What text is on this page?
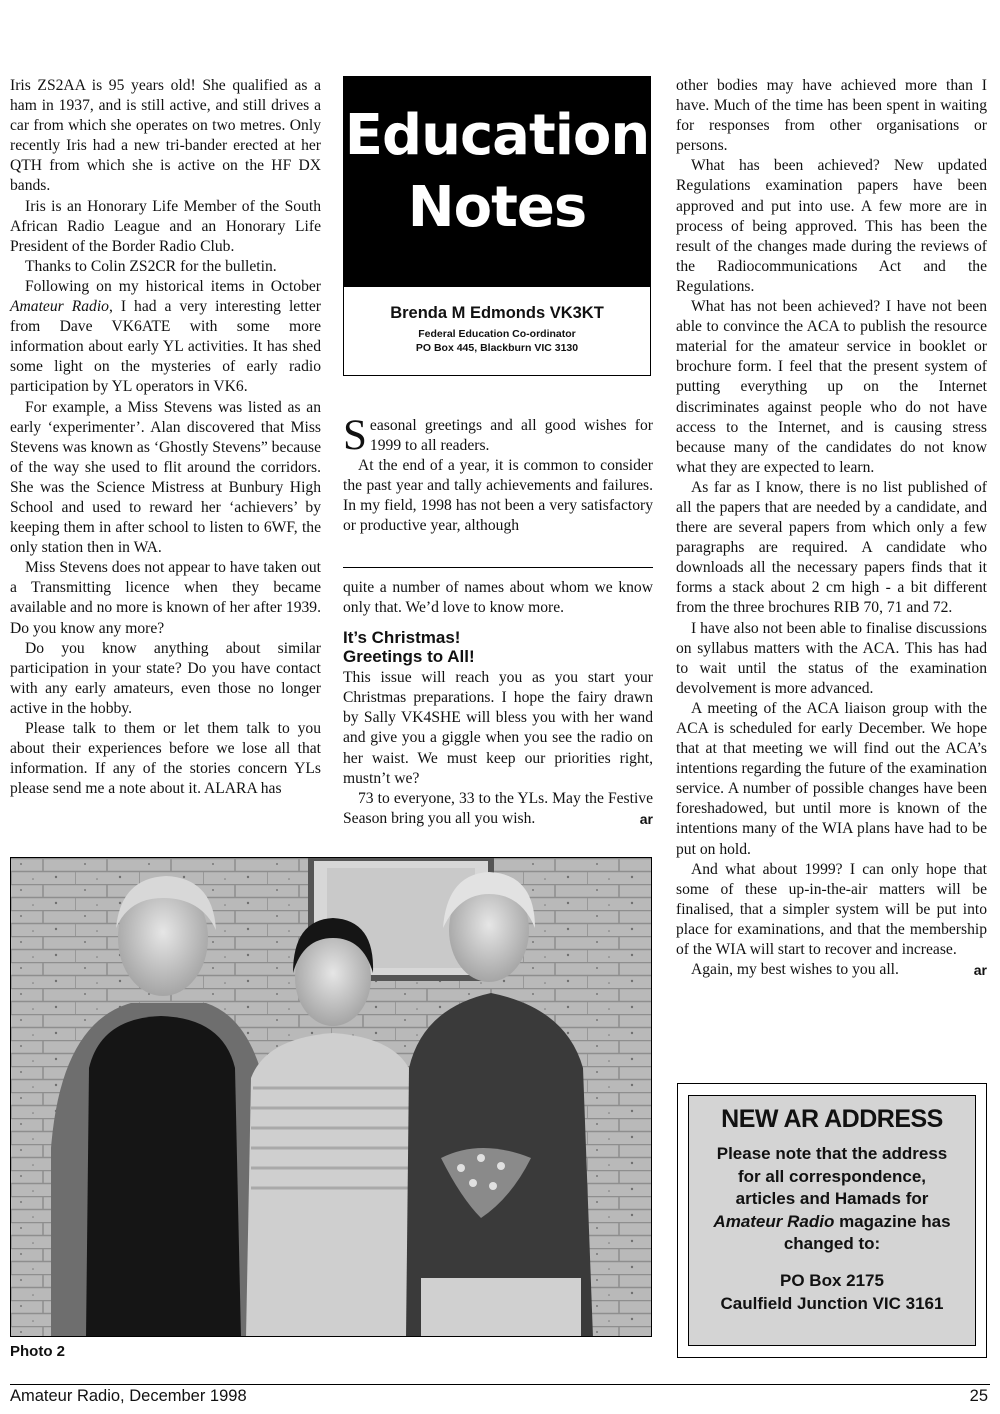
Iris ZS2AA is 95 years old! She qualified as a ham in 1937, and is still active, and still drives a car from which she operates on two metres. Only recently Iris had a new tri-bander erected at her QTH from which she is active on the HF DX bands.

Iris is an Honorary Life Member of the South African Radio League and an Honorary Life President of the Border Radio Club.

Thanks to Colin ZS2CR for the bulletin.

Following on my historical items in October Amateur Radio, I had a very interesting letter from Dave VK6ATE with some more information about early YL activities. It has shed some light on the mysteries of early radio participation by YL operators in VK6.

For example, a Miss Stevens was listed as an early ‘experimenter’. Alan discovered that Miss Stevens was known as ‘Ghostly Stevens” because of the way she used to flit around the corridors. She was the Science Mistress at Bunbury High School and used to reward her ‘achievers’ by keeping them in after school to listen to 6WF, the only station then in WA.

Miss Stevens does not appear to have taken out a Transmitting licence when they became available and no more is known of her after 1939. Do you know any more?

Do you know anything about similar participation in your state? Do you have contact with any early amateurs, even those no longer active in the hobby.

Please talk to them or let them talk to you about their experiences before we lose all that information. If any of the stories concern YLs please send me a note about it. ALARA has

Education
Notes
Brenda M Edmonds VK3KT
Federal Education Co-ordinator
PO Box 445, Blackburn VIC 3130

Seasonal greetings and all good wishes for 1999 to all readers.

At the end of a year, it is common to consider the past year and tally achievements and failures. In my field, 1998 has not been a very satisfactory or productive year, although

quite a number of names about whom we know only that. We’d love to know more.

It’s Christmas!
Greetings to All!

This issue will reach you as you start your Christmas preparations. I hope the fairy drawn by Sally VK4SHE will bless you with her wand and give you a giggle when you see the radio on her waist. We must keep our priorities right, mustn’t we?

73 to everyone, 33 to the YLs. May the Festive Season bring you all you wish.	ar

other bodies may have achieved more than I have. Much of the time has been spent in waiting for responses from other organisations or persons.

What has been achieved? New updated Regulations examination papers have been approved and put into use. A few more are in process of being approved. This has been the result of the changes made during the reviews of the Radiocommunications Act and the Regulations.

What has not been achieved? I have not been able to convince the ACA to publish the resource material for the amateur service in booklet or brochure form. I feel that the present system of putting everything up on the Internet discriminates against people who do not have access to the Internet, and is causing stress because many of the candidates do not know what they are expected to learn.

As far as I know, there is no list published of all the papers that are needed by a candidate, and there are several papers from which only a few paragraphs are required. A candidate who downloads all the necessary papers finds that it forms a stack about 2 cm high - a bit different from the three brochures RIB 70, 71 and 72.

I have also not been able to finalise discussions on syllabus matters with the ACA. This has had to wait until the status of the examination devolvement is more advanced.

A meeting of the ACA liaison group with the ACA is scheduled for early December. We hope that at that meeting we will find out the ACA’s intentions regarding the future of the examination service. A number of possible changes have been foreshadowed, but until more is known of the intentions many of the WIA plans have had to be put on hold.

And what about 1999? I can only hope that some of these up-in-the-air matters will be finalised, that a simpler system will be put into place for examinations, and that the membership of the WIA will start to recover and increase.

Again, my best wishes to you all.	ar

Photo 2
NEW AR ADDRESS
Please note that the address
for all correspondence,
articles and Hamads for
Amateur Radio magazine has
changed to:
PO Box 2175
Caulfield Junction VIC 3161
Amateur Radio, December 1998	25
